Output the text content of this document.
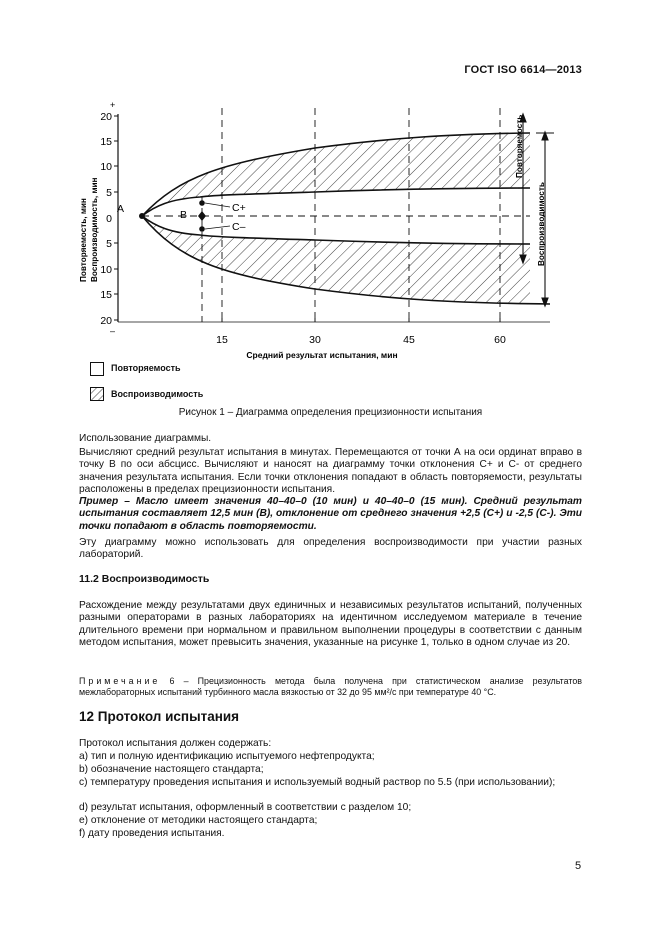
ГОСТ ISO 6614—2013
+
20
15
10
5
0
5
10
15
20
–
15	30	45	60
Средний результат испытания, мин
Повторяемость, мин Воспроизводимость, мин A	B
C+
C–
Повторяемость
Воспроизводимость
Повторяемость
Воспроизводимость
Рисунок 1 – Диаграмма определения прецизионности испытания
Использование диаграммы.
Вычисляют средний результат испытания в минутах. Перемещаются от точки А на оси ординат вправо в точку В по оси абсцисс. Вычисляют и наносят на диаграмму точки отклонения С+ и С- от среднего значения результата испытания. Если точки отклонения попадают в область повторяемости, результаты расположены в пределах прецизионности испытания.
Пример – Масло имеет значения 40–40–0 (10 мин) и 40–40–0 (15 мин). Средний результат испытания составляет 12,5 мин (В), отклонение от среднего значения +2,5 (С+) и -2,5 (С-). Эти точки попадают в область повторяемости.
Эту диаграмму можно использовать для определения воспроизводимости при участии разных лабораторий.
11.2 Воспроизводимость
Расхождение между результатами двух единичных и независимых результатов испытаний, полученных разными операторами в разных лабораториях на идентичном исследуемом материале в течение длительного времени при нормальном и правильном выполнении процедуры в соответствии с данным методом испытания, может превысить значения, указанные на рисунке 1, только в одном случае из 20.
Примечание 6 – Прецизионность метода была получена при статистическом анализе результатов межлабораторных испытаний турбинного масла вязкостью от 32 до 95 мм²/с при температуре 40 °С.
12 Протокол испытания
Протокол испытания должен содержать:
а) тип и полную идентификацию испытуемого нефтепродукта;
b) обозначение настоящего стандарта;
c) температуру проведения испытания и используемый водный раствор по 5.5 (при использовании);
d) результат испытания, оформленный в соответствии с разделом 10;
e) отклонение от методики настоящего стандарта;
f) дату проведения испытания.
5
